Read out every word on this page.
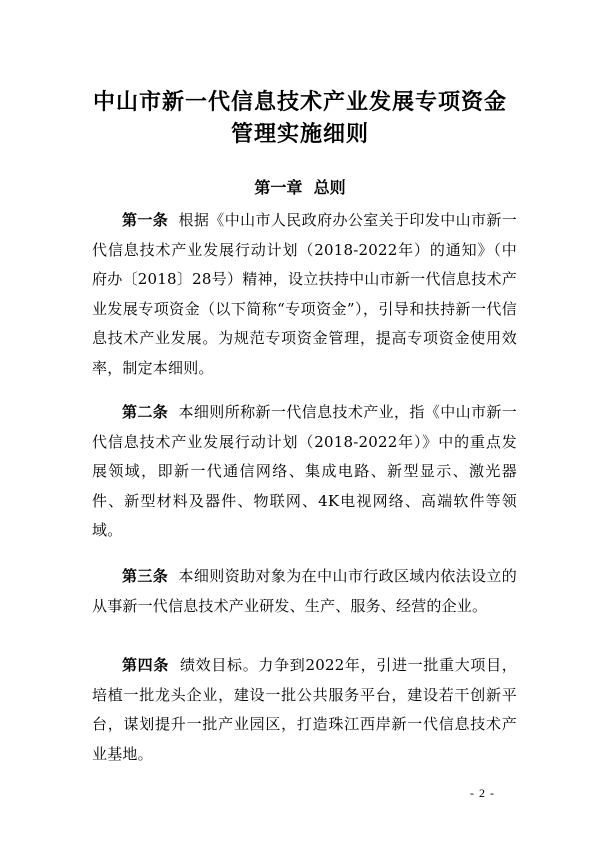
中山市新一代信息技术产业发展专项资金
管理实施细则
第一章 总则
第一条 根据《中山市人民政府办公室关于印发中山市新一代信息技术产业发展行动计划（2018-2022年）的通知》（中府办〔2018〕28号）精神，设立扶持中山市新一代信息技术产业发展专项资金（以下简称“专项资金”），引导和扶持新一代信息技术产业发展。为规范专项资金管理，提高专项资金使用效率，制定本细则。
第二条 本细则所称新一代信息技术产业，指《中山市新一代信息技术产业发展行动计划（2018-2022年）》中的重点发展领域，即新一代通信网络、集成电路、新型显示、激光器件、新型材料及器件、物联网、4K电视网络、高端软件等领域。
第三条 本细则资助对象为在中山市行政区域内依法设立的从事新一代信息技术产业研发、生产、服务、经营的企业。
第四条 绩效目标。力争到2022年，引进一批重大项目，培植一批龙头企业，建设一批公共服务平台，建设若干创新平台，谋划提升一批产业园区，打造珠江西岸新一代信息技术产业基地。
- 2 -
